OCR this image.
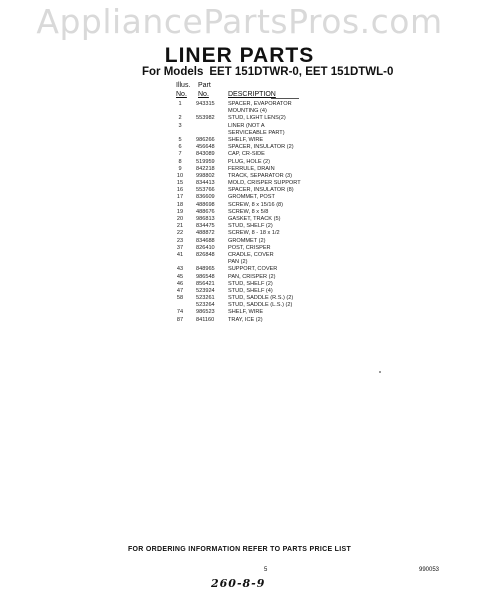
AppliancePartsPros.com
LINER PARTS
For Models EET 151DTWR-0, EET 151DTWL-0
Illus. Part
No. No.	DESCRIPTION
1	943315 SPACER, EVAPORATOR
MOUNTING (4)
2	553982 STUD, LIGHT LENS(2)
3	LINER (NOT A
SERVICEABLE PART)
5	986266 SHELF, WIRE
6	456648 SPACER, INSULATOR (2)
7	843089 CAP, CR-SIDE
8	519959 PLUG, HOLE (2)
9	842218 FERRULE, DRAIN
10	998802 TRACK, SEPARATOR (3)
15	834413 MOLD, CRISPER SUPPORT
16	553766 SPACER, INSULATOR (8)
17	836609 GROMMET, POST
18	488698 SCREW, 8 x 15/16 (8)
19	488676 SCREW, 8 x 5/8
20	986813 GASKET, TRACK (5)
21	834475 STUD, SHELF (2)
22	488872 SCREW, 8 - 18 x 1/2
23	834688 GROMMET (2)
37	826410 POST, CRISPER
41	826848 CRADLE, COVER
PAN (2)
43	848965 SUPPORT, COVER
45	986548 PAN, CRISPER (2)
46	856421 STUD, SHELF (2)
47	523924 STUD, SHELF (4)
58	523261 STUD, SADDLE (R.S.) (2)
523264 STUD, SADDLE (L.S.) (2)
74	986523 SHELF, WIRE
87	841160 TRAY, ICE (2)
FOR ORDERING INFORMATION REFER TO PARTS PRICE LIST
5	990053
260-8-9
